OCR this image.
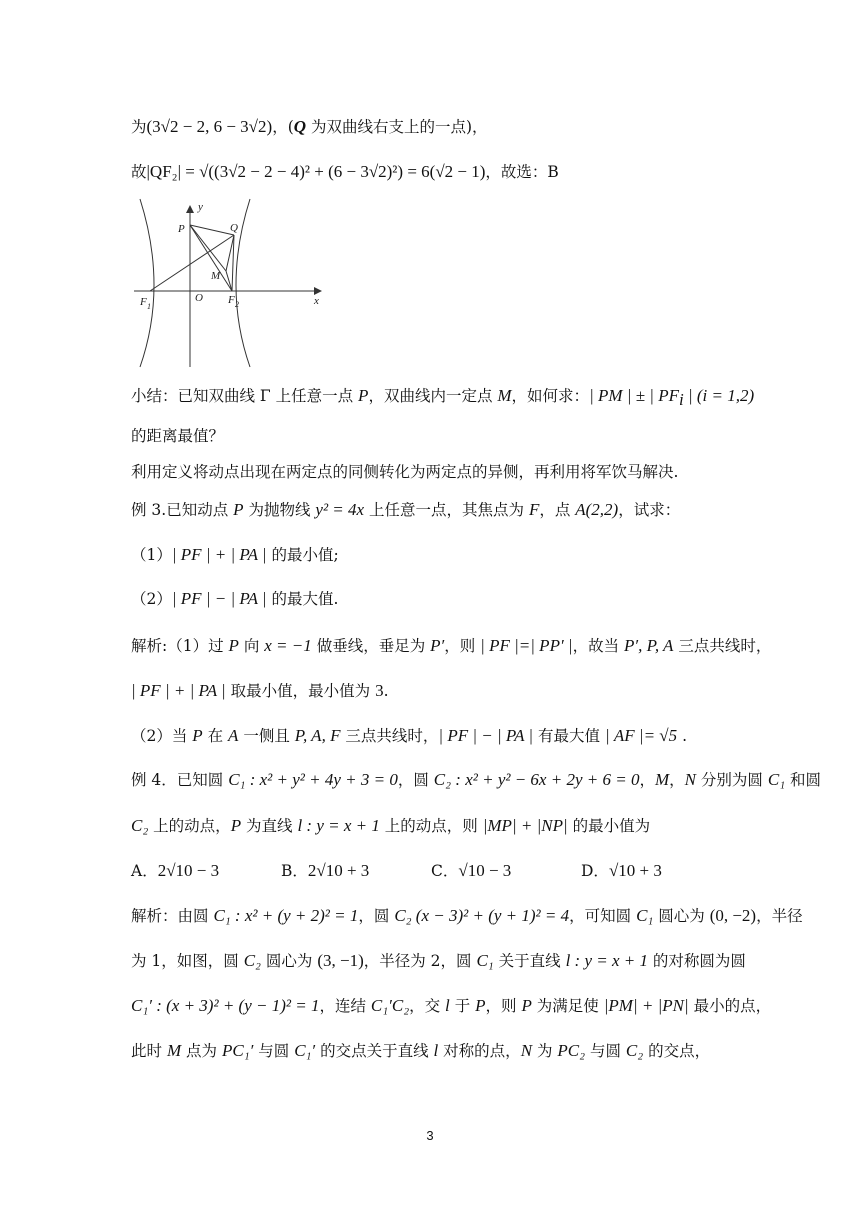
为(3√2 − 2, 6 − 3√2)，(Q 为双曲线右支上的一点)，
故|QF₂| = √((3√2 − 2 − 4)² + (6 − 3√2)²) = 6(√2 − 1)，故选：B
y
x
P	Q
M
O
F 1
F 2
小结：已知双曲线 Γ 上任意一点 P，双曲线内一定点 M，如何求：| PM | ± | $PF_i$ | (i = 1,2)
的距离最值？
利用定义将动点出现在两定点的同侧转化为两定点的异侧，再利用将军饮马解决.
例 3.已知动点 P 为抛物线 y² = 4x 上任意一点，其焦点为 F，点 A(2,2)，试求：
（1）| PF | + | PA | 的最小值;
（2）| PF | − | PA | 的最大值.
解析:（1）过 P 向 x = −1 做垂线，垂足为 P′，则 | PF |=| PP′ |，故当 P′, P, A 三点共线时，
| PF | + | PA | 取最小值，最小值为 3.
（2）当 P 在 A 一侧且 P, A, F 三点共线时，| PF | − | PA | 有最大值 | AF |= √5 .
例 4．已知圆 C₁ : x² + y² + 4y + 3 = 0，圆 C₂ : x² + y² − 6x + 2y + 6 = 0，M，N 分别为圆 C₁ 和圆
C₂ 上的动点，P 为直线 l : y = x + 1 上的动点，则 |MP| + |NP| 的最小值为
A．2√10 − 3	B．2√10 + 3	C．√10 − 3	D．√10 + 3
解析：由圆 C₁ : x² + (y + 2)² = 1，圆 C₂ (x − 3)² + (y + 1)² = 4，可知圆 C₁ 圆心为 (0, −2)，半径
为 1，如图，圆 C₂ 圆心为 (3, −1)，半径为 2，圆 C₁ 关于直线 l : y = x + 1 的对称圆为圆
C₁′ : (x + 3)² + (y − 1)² = 1，连结 C₁′C₂，交 l 于 P，则 P 为满足使 |PM| + |PN| 最小的点，
此时 M 点为 PC₁′ 与圆 C₁′ 的交点关于直线 l 对称的点，N 为 PC₂ 与圆 C₂ 的交点，
3
